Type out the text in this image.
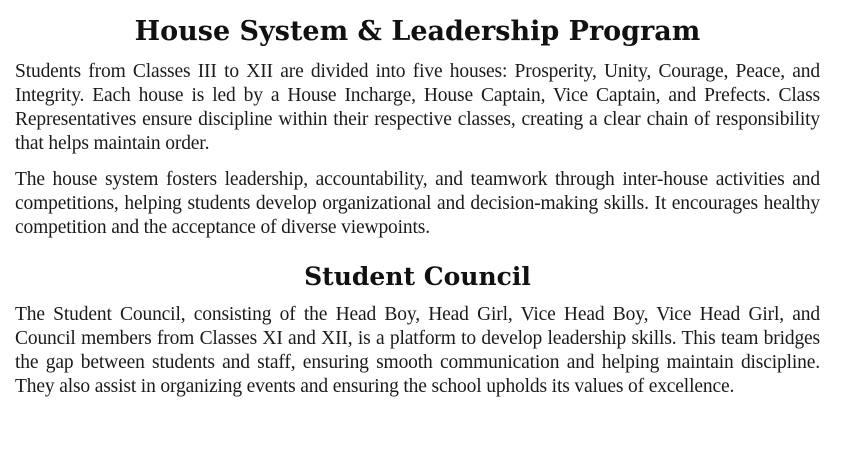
House System & Leadership Program

Students from Classes III to XII are divided into five houses: Prosperity, Unity, Courage, Peace, and Integrity. Each house is led by a House Incharge, House Captain, Vice Captain, and Prefects. Class Representatives ensure discipline within their respective classes, creating a clear chain of responsibility that helps maintain order.

The house system fosters leadership, accountability, and teamwork through inter-house activities and competitions, helping students develop organizational and decision-making skills. It encourages healthy competition and the acceptance of diverse viewpoints.

Student Council

The Student Council, consisting of the Head Boy, Head Girl, Vice Head Boy, Vice Head Girl, and Council members from Classes XI and XII, is a platform to develop leadership skills. This team bridges the gap between students and staff, ensuring smooth communication and helping maintain discipline. They also assist in organizing events and ensuring the school upholds its values of excellence.
